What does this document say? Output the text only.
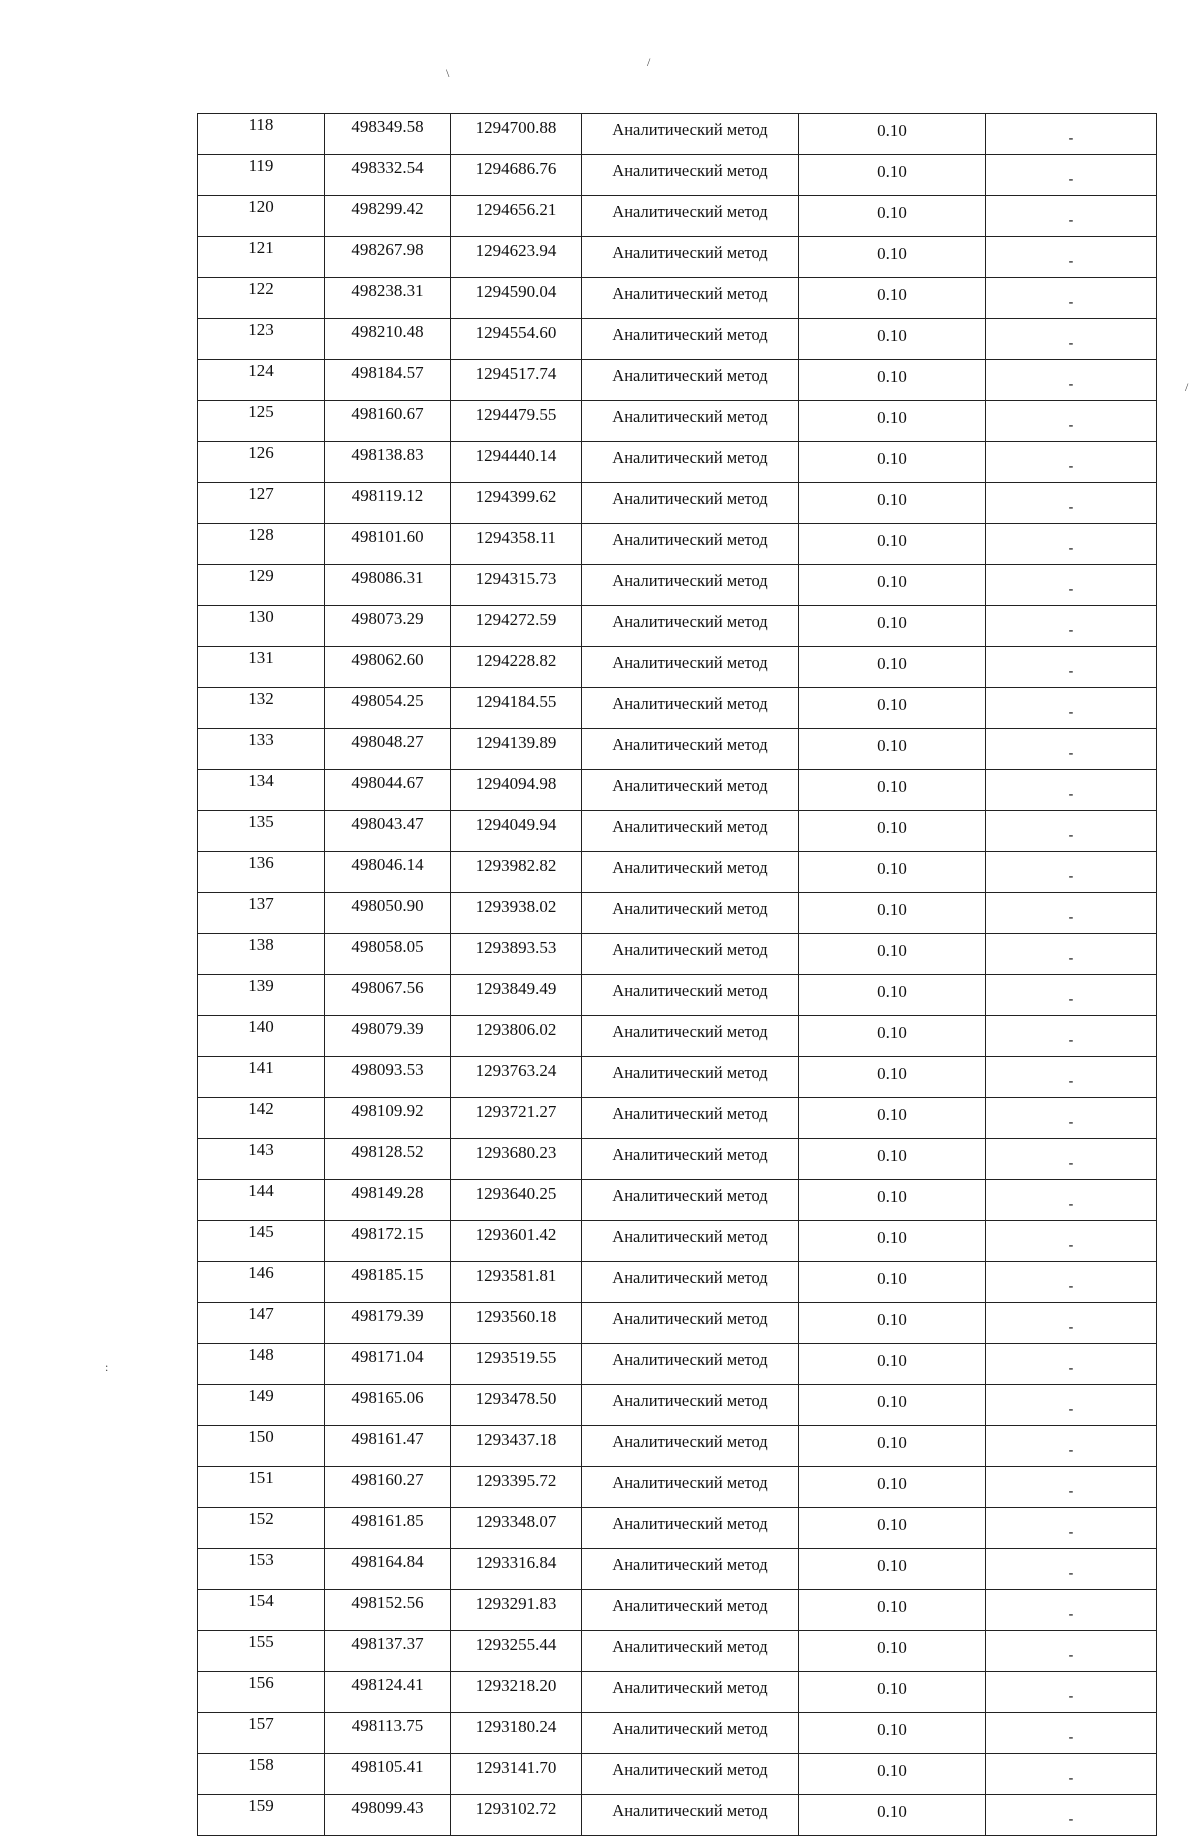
\
/
/
:
118	498349.58	1294700.88	Аналитический метод	0.10	-
119	498332.54	1294686.76	Аналитический метод	0.10	-
120	498299.42	1294656.21	Аналитический метод	0.10	-
121	498267.98	1294623.94	Аналитический метод	0.10	-
122	498238.31	1294590.04	Аналитический метод	0.10	-
123	498210.48	1294554.60	Аналитический метод	0.10	-
124	498184.57	1294517.74	Аналитический метод	0.10	-
125	498160.67	1294479.55	Аналитический метод	0.10	-
126	498138.83	1294440.14	Аналитический метод	0.10	-
127	498119.12	1294399.62	Аналитический метод	0.10	-
128	498101.60	1294358.11	Аналитический метод	0.10	-
129	498086.31	1294315.73	Аналитический метод	0.10	-
130	498073.29	1294272.59	Аналитический метод	0.10	-
131	498062.60	1294228.82	Аналитический метод	0.10	-
132	498054.25	1294184.55	Аналитический метод	0.10	-
133	498048.27	1294139.89	Аналитический метод	0.10	-
134	498044.67	1294094.98	Аналитический метод	0.10	-
135	498043.47	1294049.94	Аналитический метод	0.10	-
136	498046.14	1293982.82	Аналитический метод	0.10	-
137	498050.90	1293938.02	Аналитический метод	0.10	-
138	498058.05	1293893.53	Аналитический метод	0.10	-
139	498067.56	1293849.49	Аналитический метод	0.10	-
140	498079.39	1293806.02	Аналитический метод	0.10	-
141	498093.53	1293763.24	Аналитический метод	0.10	-
142	498109.92	1293721.27	Аналитический метод	0.10	-
143	498128.52	1293680.23	Аналитический метод	0.10	-
144	498149.28	1293640.25	Аналитический метод	0.10	-
145	498172.15	1293601.42	Аналитический метод	0.10	-
146	498185.15	1293581.81	Аналитический метод	0.10	-
147	498179.39	1293560.18	Аналитический метод	0.10	-
148	498171.04	1293519.55	Аналитический метод	0.10	-
149	498165.06	1293478.50	Аналитический метод	0.10	-
150	498161.47	1293437.18	Аналитический метод	0.10	-
151	498160.27	1293395.72	Аналитический метод	0.10	-
152	498161.85	1293348.07	Аналитический метод	0.10	-
153	498164.84	1293316.84	Аналитический метод	0.10	-
154	498152.56	1293291.83	Аналитический метод	0.10	-
155	498137.37	1293255.44	Аналитический метод	0.10	-
156	498124.41	1293218.20	Аналитический метод	0.10	-
157	498113.75	1293180.24	Аналитический метод	0.10	-
158	498105.41	1293141.70	Аналитический метод	0.10	-
159	498099.43	1293102.72	Аналитический метод	0.10	-
